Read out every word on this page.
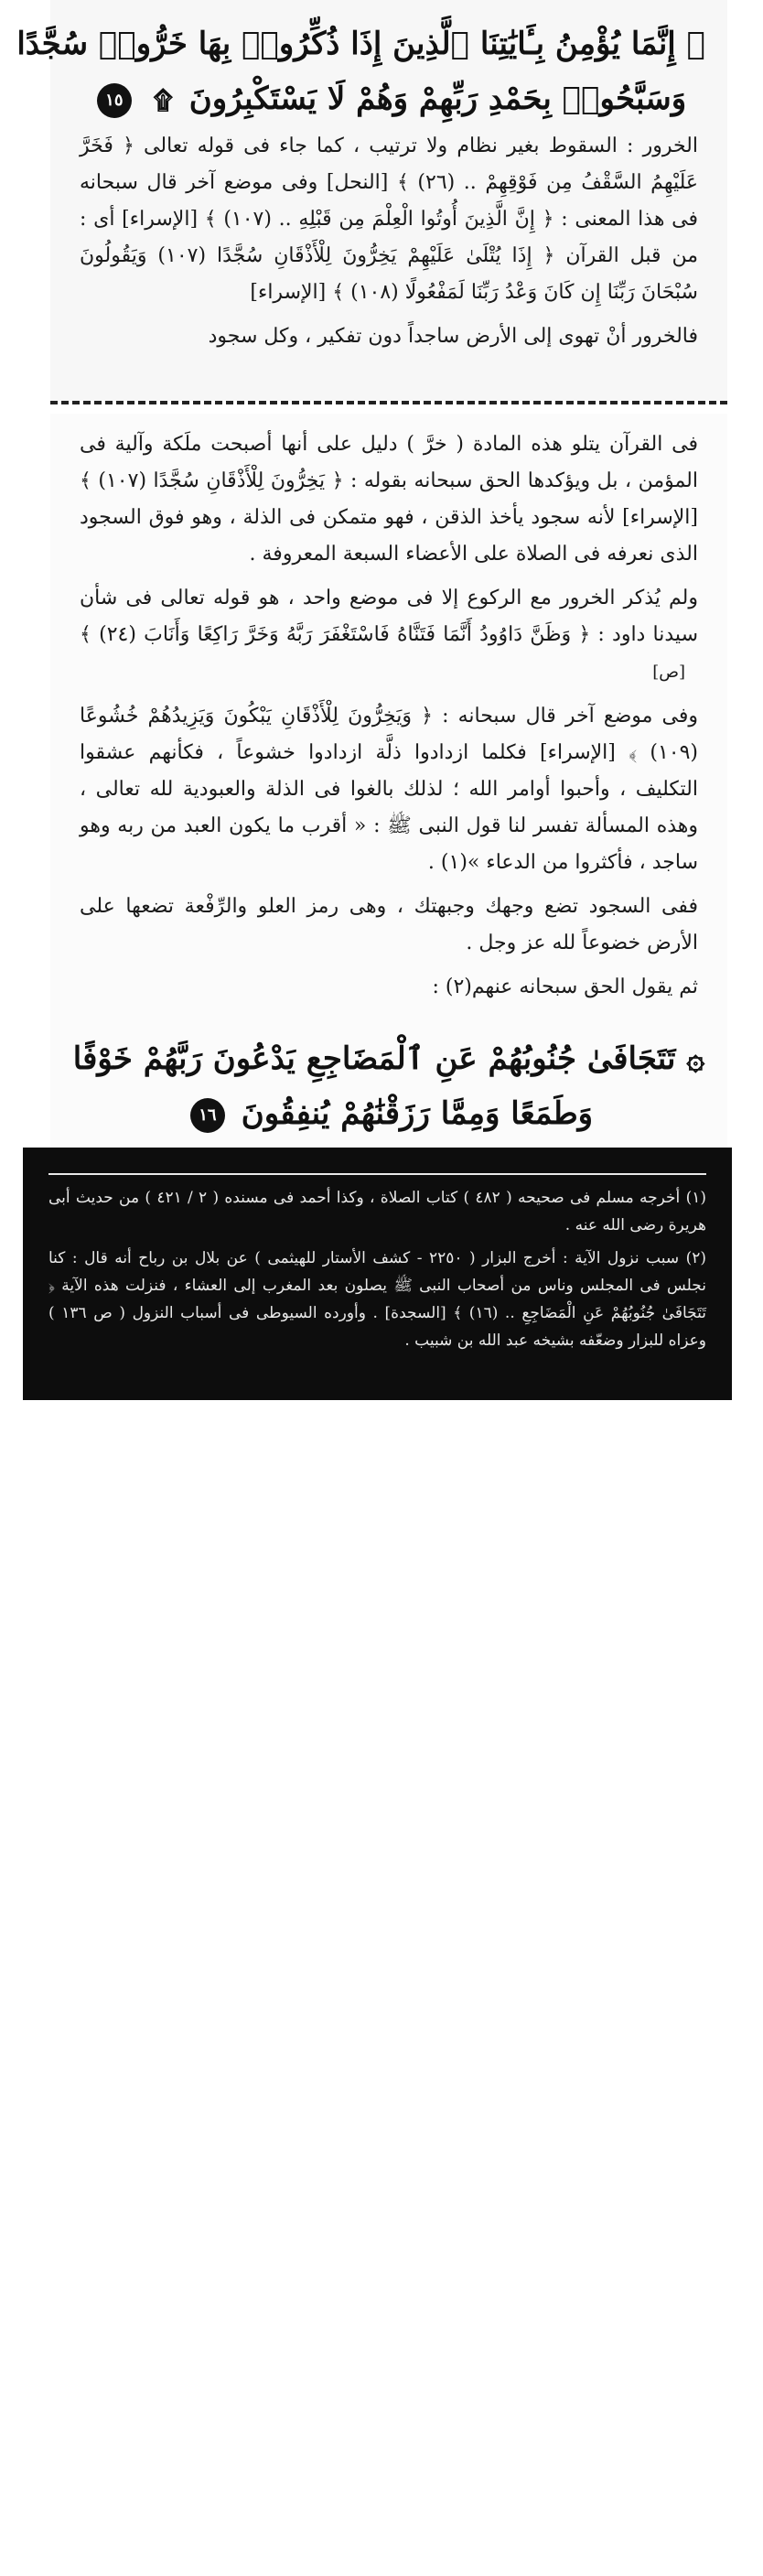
۞ إِنَّمَا يُؤْمِنُ بِـَٔايَٰتِنَا ٱلَّذِينَ إِذَا ذُكِّرُوا۟ بِهَا خَرُّوا۟ سُجَّدًا
وَسَبَّحُوا۟ بِحَمْدِ رَبِّهِمْ وَهُمْ لَا يَسْتَكْبِرُونَ ۩ ١٥

الخرور : السقوط بغير نظام ولا ترتيب ، كما جاء فى قوله تعالى ﴿ فَخَرَّ عَلَيْهِمُ السَّقْفُ مِن فَوْقِهِمْ .. (٢٦) ﴾ [النحل] وفى موضع آخر قال سبحانه فى هذا المعنى : ﴿ إِنَّ الَّذِينَ أُوتُوا الْعِلْمَ مِن قَبْلِهِ .. (١٠٧) ﴾ [الإسراء] أى : من قبل القرآن ﴿ إِذَا يُتْلَىٰ عَلَيْهِمْ يَخِرُّونَ لِلْأَذْقَانِ سُجَّدًا (١٠٧) وَيَقُولُونَ سُبْحَانَ رَبِّنَا إِن كَانَ وَعْدُ رَبِّنَا لَمَفْعُولًا (١٠٨) ﴾ [الإسراء]

فالخرور أنْ تهوى إلى الأرض ساجداً دون تفكير ، وكل سجود

فى القرآن يتلو هذه المادة ( خرَّ ) دليل على أنها أصبحت ملَكة وآلية فى المؤمن ، بل ويؤكدها الحق سبحانه بقوله : ﴿ يَخِرُّونَ لِلْأَذْقَانِ سُجَّدًا (١٠٧) ﴾ [الإسراء] لأنه سجود يأخذ الذقن ، فهو متمكن فى الذلة ، وهو فوق السجود الذى نعرفه فى الصلاة على الأعضاء السبعة المعروفة .

ولم يُذكر الخرور مع الركوع إلا فى موضع واحد ، هو قوله تعالى فى شأن سيدنا داود : ﴿ وَظَنَّ دَاوُودُ أَنَّمَا فَتَنَّاهُ فَاسْتَغْفَرَ رَبَّهُ وَخَرَّ رَاكِعًا وَأَنَابَ (٢٤) ﴾ [ص]

وفى موضع آخر قال سبحانه : ﴿ وَيَخِرُّونَ لِلْأَذْقَانِ يَبْكُونَ وَيَزِيدُهُمْ خُشُوعًا (١٠٩) ﴾ [الإسراء] فكلما ازدادوا ذلَّة ازدادوا خشوعاً ، فكأنهم عشقوا التكليف ، وأحبوا أوامر الله ؛ لذلك بالغوا فى الذلة والعبودية لله تعالى ، وهذه المسألة تفسر لنا قول النبى ﷺ : « أقرب ما يكون العبد من ربه وهو ساجد ، فأكثروا من الدعاء »(١) .

ففى السجود تضع وجهك وجبهتك ، وهى رمز العلو والرِّفْعة تضعها على الأرض خضوعاً لله عز وجل .

ثم يقول الحق سبحانه عنهم(٢) :

۞ تَتَجَافَىٰ جُنُوبُهُمْ عَنِ ٱلْمَضَاجِعِ يَدْعُونَ رَبَّهُمْ خَوْفًا
وَطَمَعًا وَمِمَّا رَزَقْنَٰهُمْ يُنفِقُونَ ١٦

(١) أخرجه مسلم فى صحيحه ( ٤٨٢ ) كتاب الصلاة ، وكذا أحمد فى مسنده ( ٢ / ٤٢١ ) من حديث أبى هريرة رضى الله عنه .

(٢) سبب نزول الآية : أخرج البزار ( ٢٢٥٠ - كشف الأستار للهيثمى ) عن بلال بن رباح أنه قال : كنا نجلس فى المجلس وناس من أصحاب النبى ﷺ يصلون بعد المغرب إلى العشاء ، فنزلت هذه الآية ﴿ تَتَجَافَىٰ جُنُوبُهُمْ عَنِ الْمَضَاجِعِ .. (١٦) ﴾ [السجدة] . وأورده السيوطى فى أسباب النزول ( ص ١٣٦ ) وعزاه للبزار وضعّفه بشيخه عبد الله بن شبيب .
